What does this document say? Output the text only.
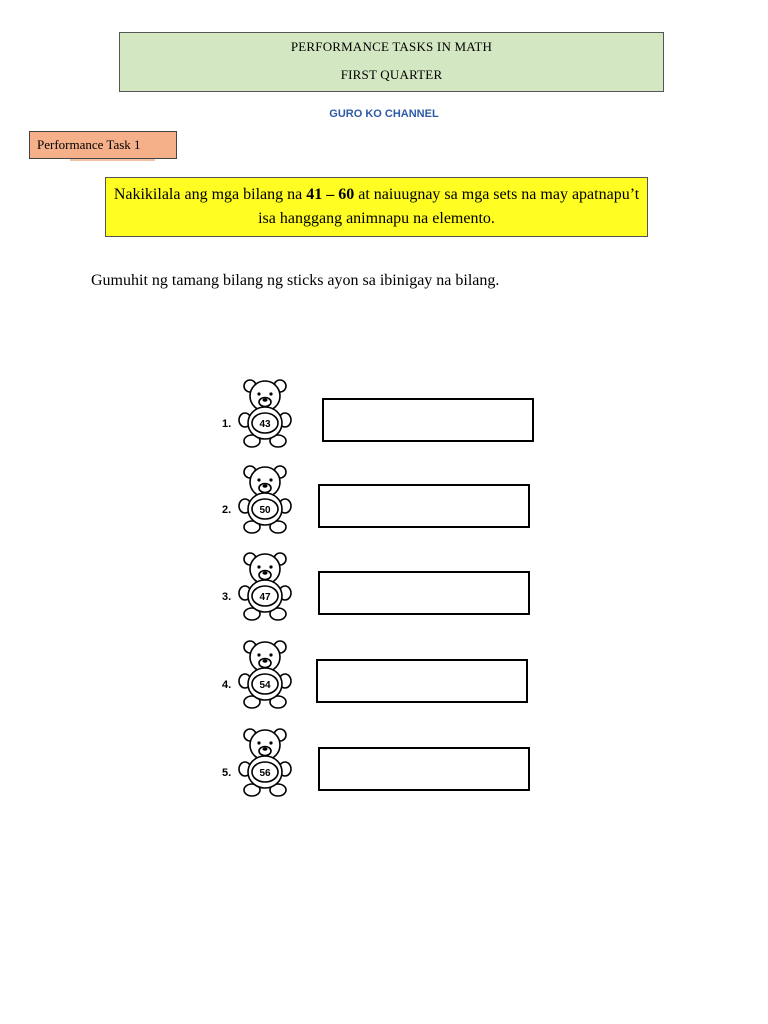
PERFORMANCE TASKS IN MATH
FIRST QUARTER
GURO KO CHANNEL
Performance Task 1
Nakikilala ang mga bilang na 41 – 60 at naiuugnay sa mga sets na may apatnapu’t isa hanggang animnapu na elemento.
Gumuhit ng tamang bilang ng sticks ayon sa ibinigay na bilang.
1.	43
2.	50
3.	47
4.	54
5.	56
